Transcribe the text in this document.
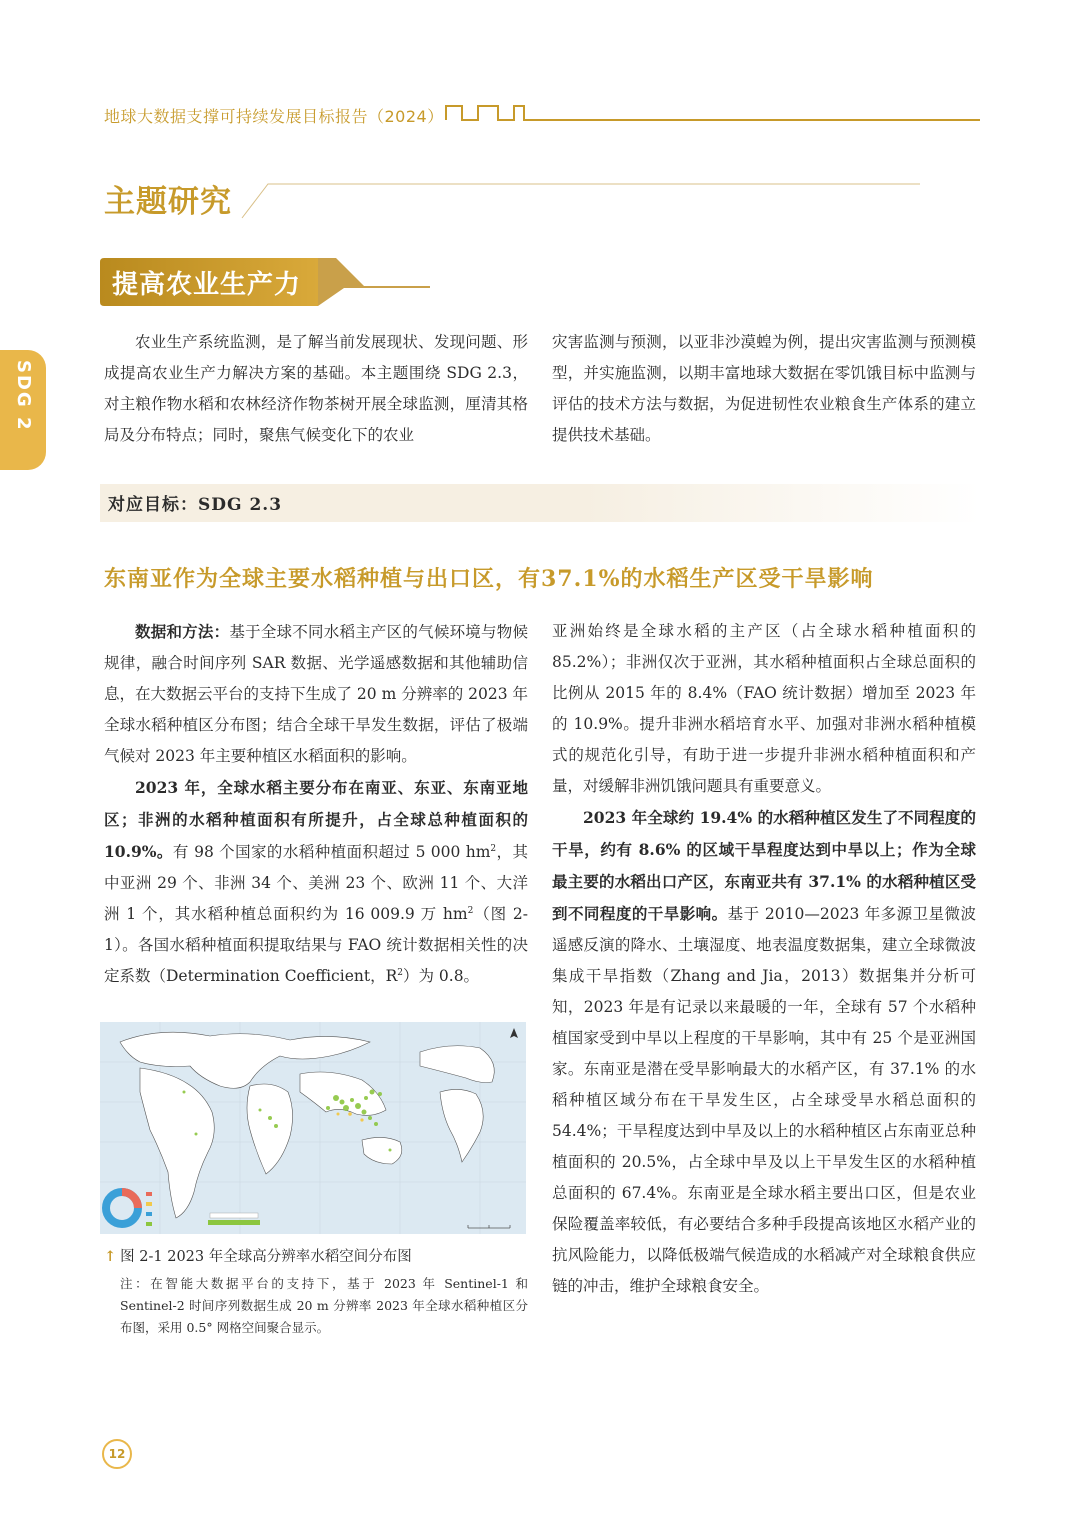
地球大数据支撑可持续发展目标报告（2024）
主题研究
提高农业生产力
SDG 2

农业生产系统监测，是了解当前发展现状、发现问题、形成提高农业生产力解决方案的基础。本主题围绕 SDG 2.3，对主粮作物水稻和农林经济作物茶树开展全球监测，厘清其格局及分布特点；同时，聚焦气候变化下的农业

灾害监测与预测，以亚非沙漠蝗为例，提出灾害监测与预测模型，并实施监测，以期丰富地球大数据在零饥饿目标中监测与评估的技术方法与数据，为促进韧性农业粮食生产体系的建立提供技术基础。

对应目标：SDG 2.3
东南亚作为全球主要水稻种植与出口区，有37.1%的水稻生产区受干旱影响

数据和方法：基于全球不同水稻主产区的气候环境与物候规律，融合时间序列 SAR 数据、光学遥感数据和其他辅助信息，在大数据云平台的支持下生成了 20 m 分辨率的 2023 年全球水稻种植区分布图；结合全球干旱发生数据，评估了极端气候对 2023 年主要种植区水稻面积的影响。

2023 年，全球水稻主要分布在南亚、东亚、东南亚地区；非洲的水稻种植面积有所提升，占全球总种植面积的 10.9%。有 98 个国家的水稻种植面积超过 5 000 $hm^2$，其中亚洲 29 个、非洲 34 个、美洲 23 个、欧洲 11 个、大洋洲 1 个，其水稻种植总面积约为 16 009.9 万 $hm^2$（图 2-1）。各国水稻种植面积提取结果与 FAO 统计数据相关性的决定系数（Determination Coefficient，$R^2$）为 0.8。

↑ 图 2-1 2023 年全球高分辨率水稻空间分布图
注：在智能大数据平台的支持下，基于 2023 年 Sentinel-1 和 Sentinel-2 时间序列数据生成 20 m 分辨率 2023 年全球水稻种植区分布图，采用 0.5° 网格空间聚合显示。

亚洲始终是全球水稻的主产区（占全球水稻种植面积的 85.2%）；非洲仅次于亚洲，其水稻种植面积占全球总面积的比例从 2015 年的 8.4%（FAO 统计数据）增加至 2023 年的 10.9%。提升非洲水稻培育水平、加强对非洲水稻种植模式的规范化引导，有助于进一步提升非洲水稻种植面积和产量，对缓解非洲饥饿问题具有重要意义。

2023 年全球约 19.4% 的水稻种植区发生了不同程度的干旱，约有 8.6% 的区域干旱程度达到中旱以上；作为全球最主要的水稻出口产区，东南亚共有 37.1% 的水稻种植区受到不同程度的干旱影响。基于 2010—2023 年多源卫星微波遥感反演的降水、土壤湿度、地表温度数据集，建立全球微波集成干旱指数（Zhang and Jia，2013）数据集并分析可知，2023 年是有记录以来最暖的一年，全球有 57 个水稻种植国家受到中旱以上程度的干旱影响，其中有 25 个是亚洲国家。东南亚是潜在受旱影响最大的水稻产区，有 37.1% 的水稻种植区域分布在干旱发生区，占全球受旱水稻总面积的 54.4%；干旱程度达到中旱及以上的水稻种植区占东南亚总种植面积的 20.5%，占全球中旱及以上干旱发生区的水稻种植总面积的 67.4%。东南亚是全球水稻主要出口区，但是农业保险覆盖率较低，有必要结合多种手段提高该地区水稻产业的抗风险能力，以降低极端气候造成的水稻减产对全球粮食供应链的冲击，维护全球粮食安全。

12
